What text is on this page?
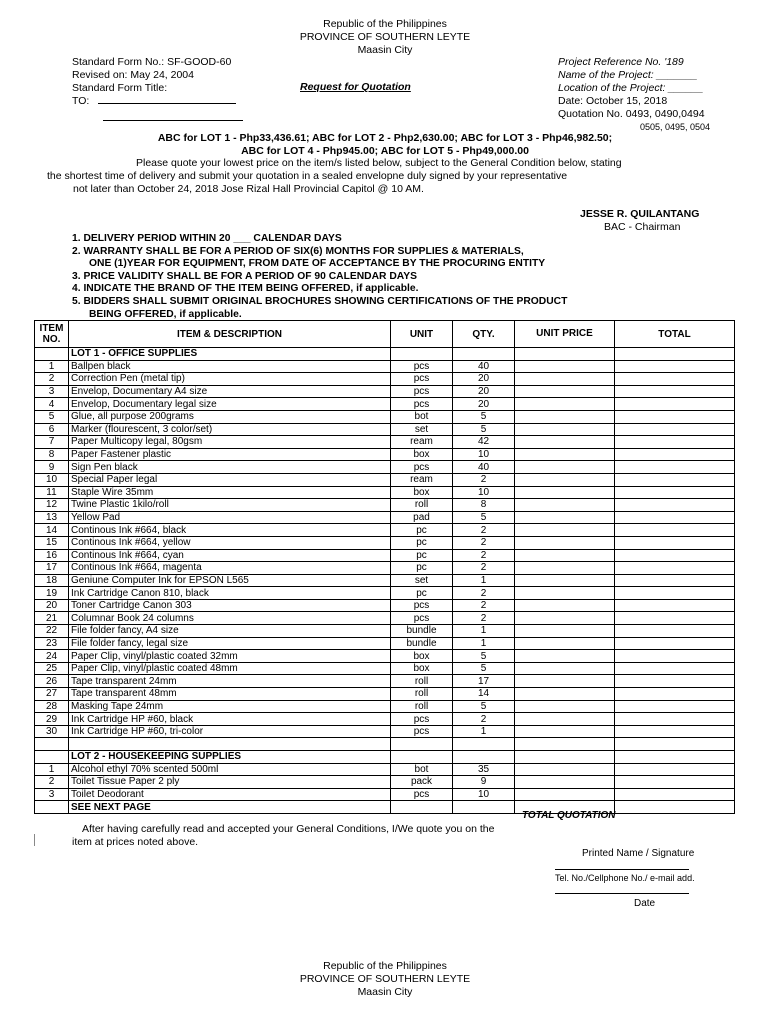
Republic of the Philippines
PROVINCE OF SOUTHERN LEYTE
Maasin City
Standard Form No.: SF-GOOD-60
Revised on: May 24, 2004
Standard Form Title:
TO:
Request for Quotation
Project Reference No. '189
Name of the Project: _______
Location of the Project: ______
Date: October 15, 2018
Quotation No. 0493, 0490,0494
0505, 0495, 0504
ABC for LOT 1 - Php33,436.61; ABC for LOT 2 - Php2,630.00; ABC for LOT 3 - Php46,982.50;
ABC for LOT 4 - Php945.00; ABC for LOT 5 - Php49,000.00
Please quote your lowest price on the item/s listed below, subject to the General Condition below, stating
the shortest time of delivery and submit your quotation in a sealed envelopne duly signed by your representative
not later than October 24, 2018 Jose Rizal Hall Provincial Capitol @ 10 AM.
JESSE R. QUILANTANG
BAC - Chairman
1. DELIVERY PERIOD WITHIN 20 ___ CALENDAR DAYS
2. WARRANTY SHALL BE FOR A PERIOD OF SIX(6) MONTHS FOR SUPPLIES & MATERIALS,
ONE (1)YEAR FOR EQUIPMENT, FROM DATE OF ACCEPTANCE BY THE PROCURING ENTITY
3. PRICE VALIDITY SHALL BE FOR A PERIOD OF 90 CALENDAR DAYS
4. INDICATE THE BRAND OF THE ITEM BEING OFFERED, if applicable.
5. BIDDERS SHALL SUBMIT ORIGINAL BROCHURES SHOWING CERTIFICATIONS OF THE PRODUCT
BEING OFFERED, if applicable.
ITEM NO.	ITEM & DESCRIPTION	UNIT	QTY.	UNIT PRICE	TOTAL
	LOT 1 - OFFICE SUPPLIES				
1	Ballpen black	pcs	40		
2	Correction Pen (metal tip)	pcs	20		
3	Envelop, Documentary A4 size	pcs	20		
4	Envelop, Documentary legal size	pcs	20		
5	Glue, all purpose 200grams	bot	5		
6	Marker (flourescent, 3 color/set)	set	5		
7	Paper Multicopy legal, 80gsm	ream	42		
8	Paper Fastener plastic	box	10		
9	Sign Pen black	pcs	40		
10	Special Paper legal	ream	2		
11	Staple Wire 35mm	box	10		
12	Twine Plastic 1kilo/roll	roll	8		
13	Yellow Pad	pad	5		
14	Continous Ink #664, black	pc	2		
15	Continous Ink #664, yellow	pc	2		
16	Continous Ink #664, cyan	pc	2		
17	Continous Ink #664, magenta	pc	2		
18	Geniune Computer Ink for EPSON L565	set	1		
19	Ink Cartridge Canon 810, black	pc	2		
20	Toner Cartridge Canon 303	pcs	2		
21	Columnar Book 24 columns	pcs	2		
22	File folder fancy, A4 size	bundle	1		
23	File folder fancy, legal size	bundle	1		
24	Paper Clip, vinyl/plastic coated 32mm	box	5		
25	Paper Clip, vinyl/plastic coated 48mm	box	5		
26	Tape transparent 24mm	roll	17		
27	Tape transparent 48mm	roll	14		
28	Masking Tape 24mm	roll	5		
29	Ink Cartridge HP #60, black	pcs	2		
30	Ink Cartridge HP #60, tri-color	pcs	1		

	LOT 2 - HOUSEKEEPING SUPPLIES				
1	Alcohol ethyl 70% scented 500ml	bot	35		
2	Toilet Tissue Paper 2 ply	pack	9		
3	Toilet Deodorant	pcs	10		
	SEE NEXT PAGE				
TOTAL QUOTATION
After having carefully read and accepted your General Conditions, I/We quote you on the
item at prices noted above.
Printed Name / Signature
Tel. No./Cellphone No./ e-mail add.
Date
Republic of the Philippines
PROVINCE OF SOUTHERN LEYTE
Maasin City
